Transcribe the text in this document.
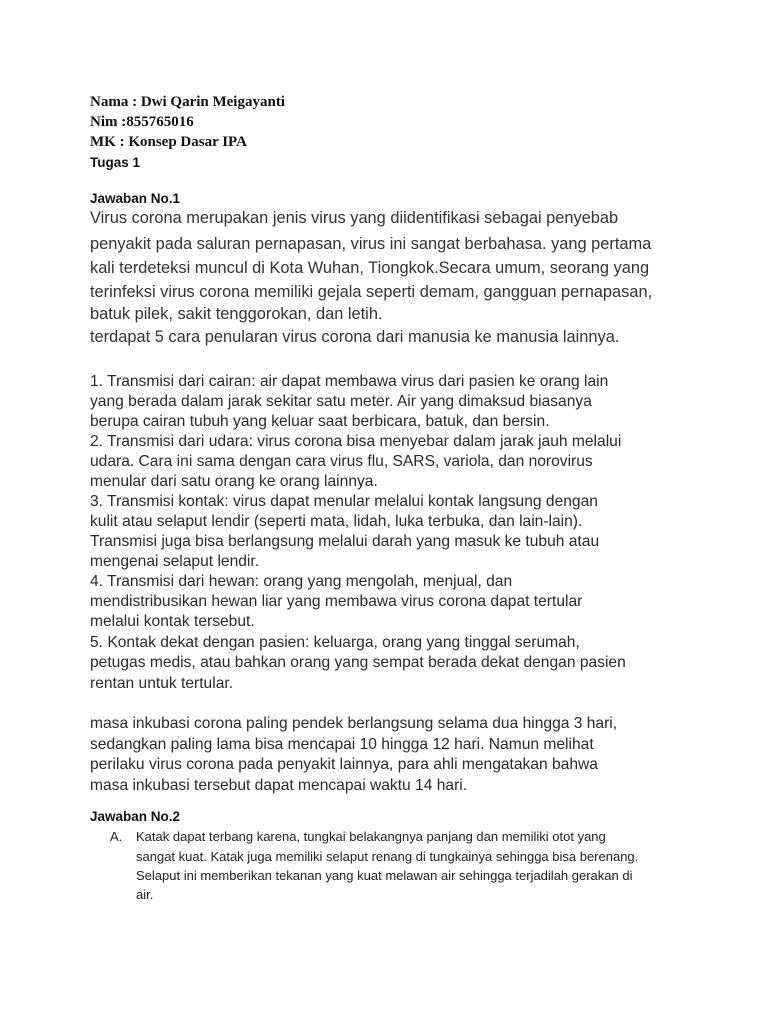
Nama : Dwi Qarin Meigayanti
Nim :855765016
MK : Konsep Dasar IPA
Tugas 1
Jawaban No.1
Virus corona merupakan jenis virus yang diidentifikasi sebagai penyebab
penyakit pada saluran pernapasan, virus ini sangat berbahasa. yang pertama
kali terdeteksi muncul di Kota Wuhan, Tiongkok.Secara umum, seorang yang
terinfeksi virus corona memiliki gejala seperti demam, gangguan pernapasan,
batuk pilek, sakit tenggorokan, dan letih.
terdapat 5 cara penularan virus corona dari manusia ke manusia lainnya.
1. Transmisi dari cairan: air dapat membawa virus dari pasien ke orang lain
yang berada dalam jarak sekitar satu meter. Air yang dimaksud biasanya
berupa cairan tubuh yang keluar saat berbicara, batuk, dan bersin.
2. Transmisi dari udara: virus corona bisa menyebar dalam jarak jauh melalui
udara. Cara ini sama dengan cara virus flu, SARS, variola, dan norovirus
menular dari satu orang ke orang lainnya.
3. Transmisi kontak: virus dapat menular melalui kontak langsung dengan
kulit atau selaput lendir (seperti mata, lidah, luka terbuka, dan lain-lain).
Transmisi juga bisa berlangsung melalui darah yang masuk ke tubuh atau
mengenai selaput lendir.
4. Transmisi dari hewan: orang yang mengolah, menjual, dan
mendistribusikan hewan liar yang membawa virus corona dapat tertular
melalui kontak tersebut.
5. Kontak dekat dengan pasien: keluarga, orang yang tinggal serumah,
petugas medis, atau bahkan orang yang sempat berada dekat dengan pasien
rentan untuk tertular.
masa inkubasi corona paling pendek berlangsung selama dua hingga 3 hari,
sedangkan paling lama bisa mencapai 10 hingga 12 hari. Namun melihat
perilaku virus corona pada penyakit lainnya, para ahli mengatakan bahwa
masa inkubasi tersebut dapat mencapai waktu 14 hari.
Jawaban No.2
A. Katak dapat terbang karena, tungkai belakangnya panjang dan memiliki otot yang
sangat kuat. Katak juga memiliki selaput renang di tungkainya sehingga bisa berenang.
Selaput ini memberikan tekanan yang kuat melawan air sehingga terjadilah gerakan di
air.
